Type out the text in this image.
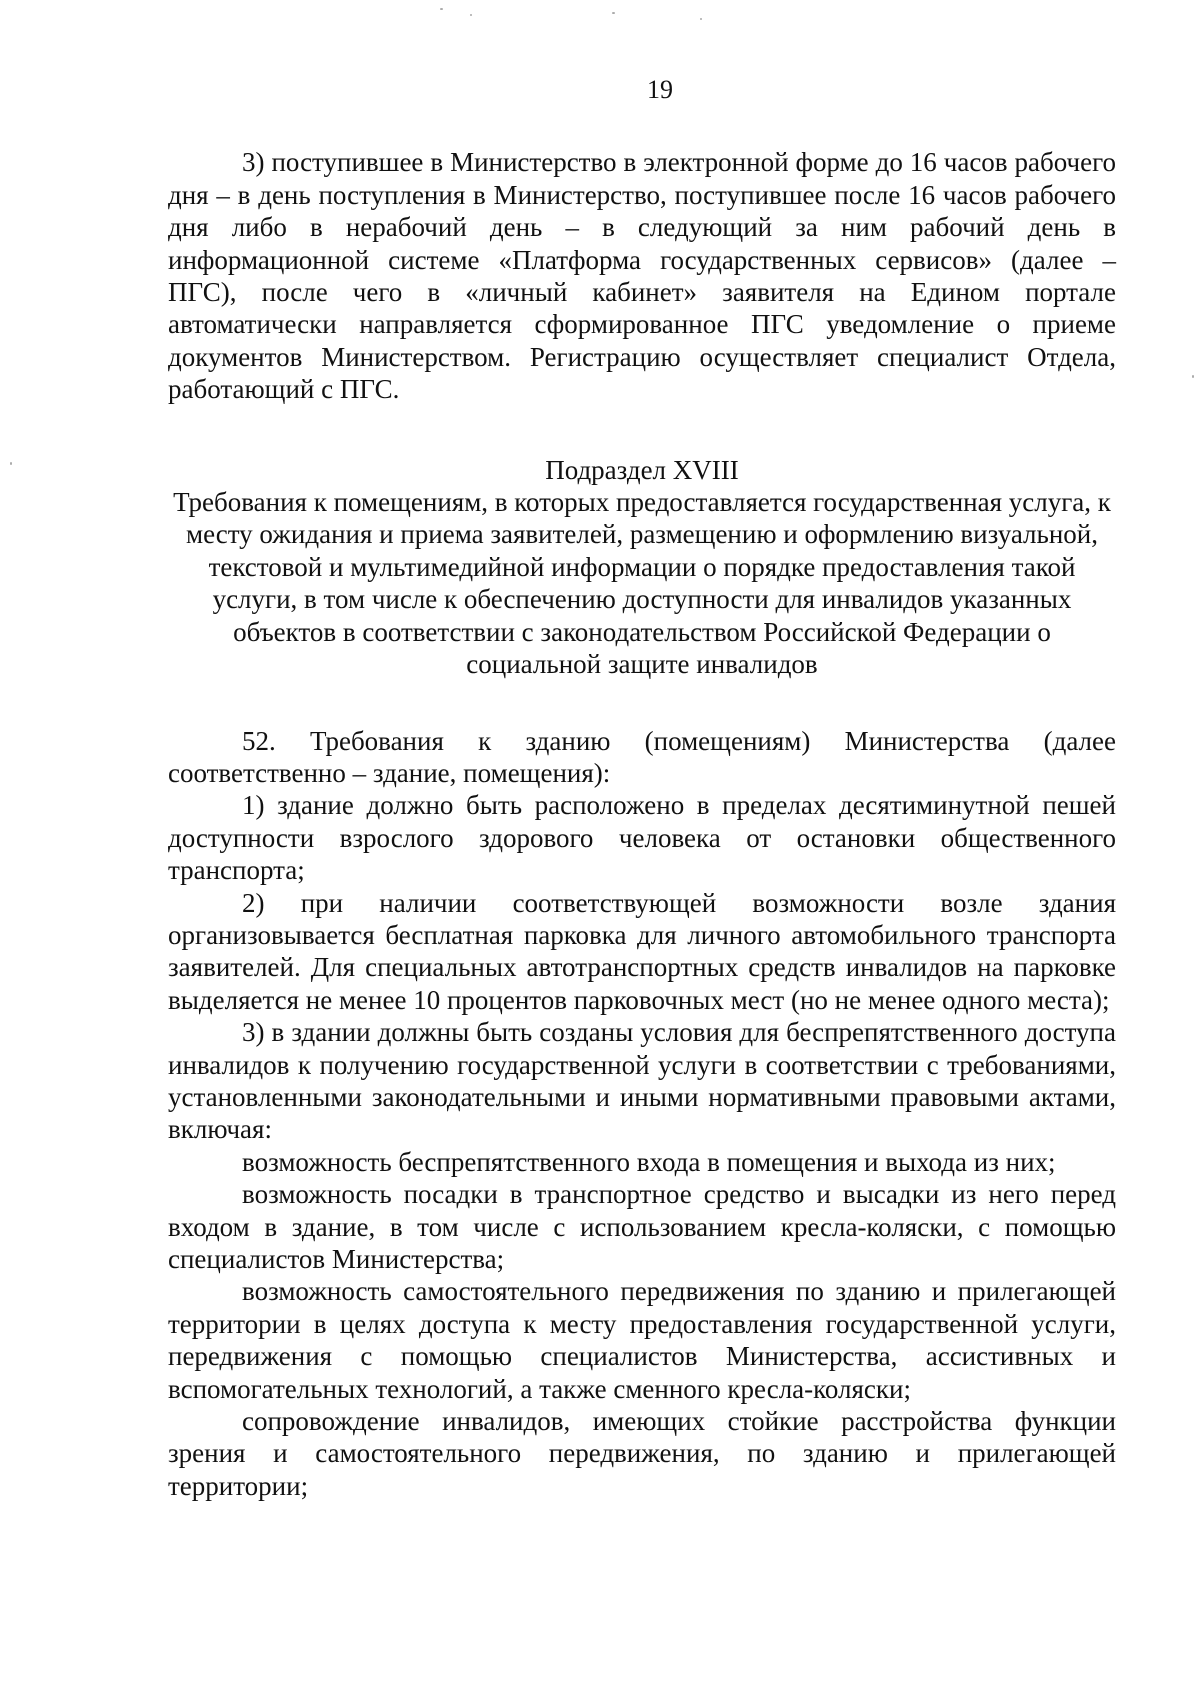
19

3) поступившее в Министерство в электронной форме до 16 часов рабочего дня – в день поступления в Министерство, поступившее после 16 часов рабочего дня либо в нерабочий день – в следующий за ним рабочий день в информационной системе «Платформа государственных сервисов» (далее – ПГС), после чего в «личный кабинет» заявителя на Едином портале автоматически направляется сформированное ПГС уведомление о приеме документов Министерством. Регистрацию осуществляет специалист Отдела, работающий с ПГС.

Подраздел XVIII

Требования к помещениям, в которых предоставляется государственная услуга, к месту ожидания и приема заявителей, размещению и оформлению визуальной, текстовой и мультимедийной информации о порядке предоставления такой услуги, в том числе к обеспечению доступности для инвалидов указанных объектов в соответствии с законодательством Российской Федерации о социальной защите инвалидов

52. Требования к зданию (помещениям) Министерства (далее соответственно – здание, помещения):

1) здание должно быть расположено в пределах десятиминутной пешей доступности взрослого здорового человека от остановки общественного транспорта;

2) при наличии соответствующей возможности возле здания организовывается бесплатная парковка для личного автомобильного транспорта заявителей. Для специальных автотранспортных средств инвалидов на парковке выделяется не менее 10 процентов парковочных мест (но не менее одного места);

3) в здании должны быть созданы условия для беспрепятственного доступа инвалидов к получению государственной услуги в соответствии с требованиями, установленными законодательными и иными нормативными правовыми актами, включая:

возможность беспрепятственного входа в помещения и выхода из них;

возможность посадки в транспортное средство и высадки из него перед входом в здание, в том числе с использованием кресла-коляски, с помощью специалистов Министерства;

возможность самостоятельного передвижения по зданию и прилегающей территории в целях доступа к месту предоставления государственной услуги, передвижения с помощью специалистов Министерства, ассистивных и вспомогательных технологий, а также сменного кресла-коляски;

сопровождение инвалидов, имеющих стойкие расстройства функции зрения и самостоятельного передвижения, по зданию и прилегающей территории;
